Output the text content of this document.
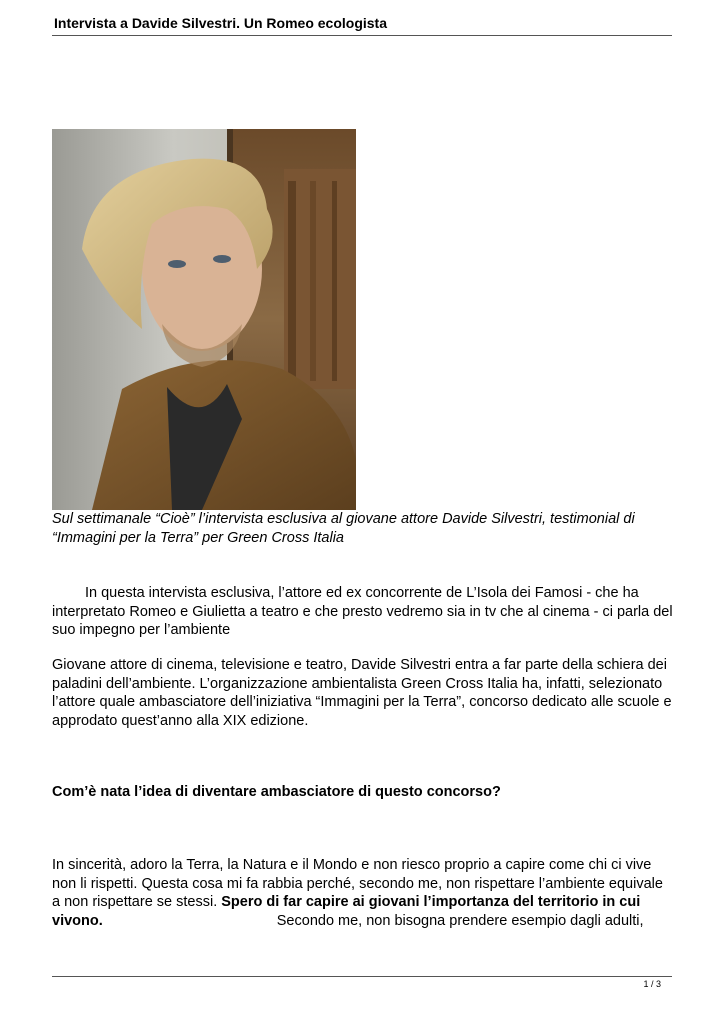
Intervista a Davide Silvestri. Un Romeo ecologista
Sul settimanale “Cioè” l’intervista esclusiva al giovane attore Davide Silvestri, testimonial di “Immagini per la Terra” per Green Cross Italia
In questa intervista esclusiva, l’attore ed ex concorrente de L’Isola dei Famosi - che ha interpretato Romeo e Giulietta a teatro e che presto vedremo sia in tv che al cinema - ci parla del suo impegno per l’ambiente
Giovane attore di cinema, televisione e teatro, Davide Silvestri entra a far parte della schiera dei paladini dell’ambiente. L’organizzazione ambientalista Green Cross Italia ha, infatti, selezionato l’attore quale ambasciatore dell’iniziativa “Immagini per la Terra”, concorso dedicato alle scuole e approdato quest’anno alla XIX edizione.
Com’è nata l’idea di diventare ambasciatore di questo concorso?
In sincerità, adoro la Terra, la Natura e il Mondo e non riesco proprio a capire come chi ci vive non li rispetti. Questa cosa mi fa rabbia perché, secondo me, non rispettare l’ambiente equivale a non rispettare se stessi. Spero di far capire ai giovani l’importanza del territorio in cui vivono.	Secondo me, non bisogna prendere esempio dagli adulti,
1 / 3
